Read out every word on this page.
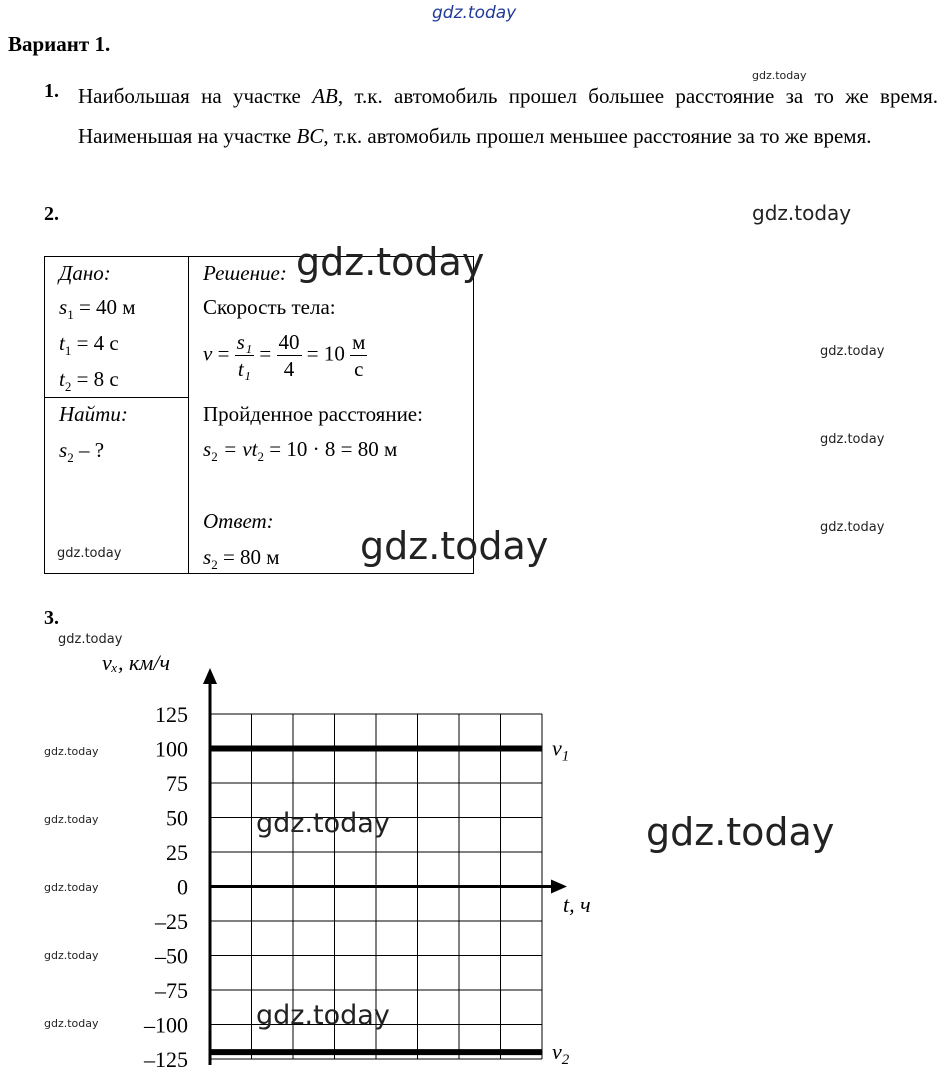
gdz.today
Вариант 1.
1. Наибольшая на участке AB, т.к. автомобиль прошел большее расстояние за то же время. Наименьшая на участке BC, т.к. автомобиль прошел меньшее расстояние за то же время.
gdz.today
2.	gdz.today
Дано:
$s_1 = 40$ м
$t_1 = 4$ с
$t_2 = 8$ с

Решение:
Скорость тела:
$v = \frac{\text{s₁}}{\text{t₁}} = \frac{40}{4} = 10 \frac{м}{с}$
Пройденное расстояние:
$s_2 = vt_2 = 10 \cdot 8 = 80$ м
Ответ:
$s_2 = 80$ м

Найти:
$s_2$ – ?
gdz.today
gdz.today
gdz.today
gdz.today
gdz.today
gdz.today
3.
gdz.today
$v_1$
$v_2$
125
100
75
50
25
0
–25
–50
–75
–100
–125
vₓ, км/ч
t, ч
gdz.today
gdz.today
gdz.today
gdz.today
gdz.today
gdz.today
gdz.today
gdz.today
